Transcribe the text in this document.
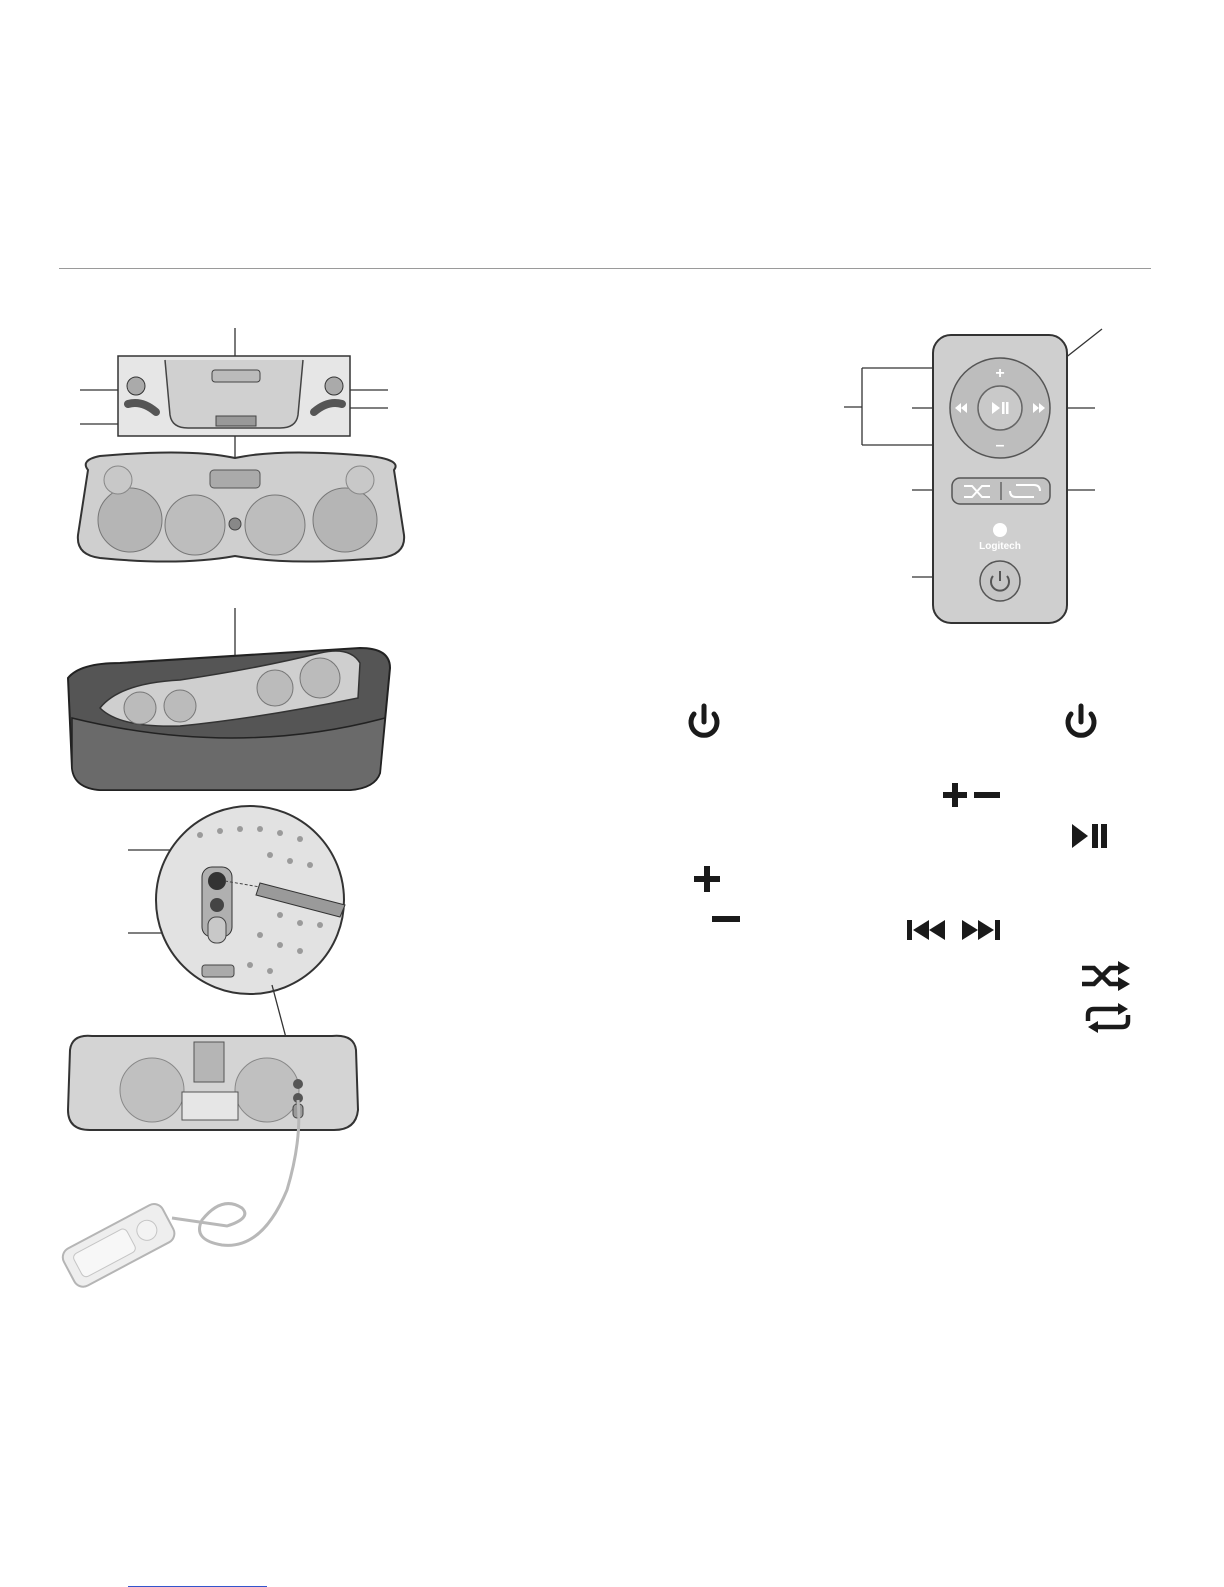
+
–
Logitech
